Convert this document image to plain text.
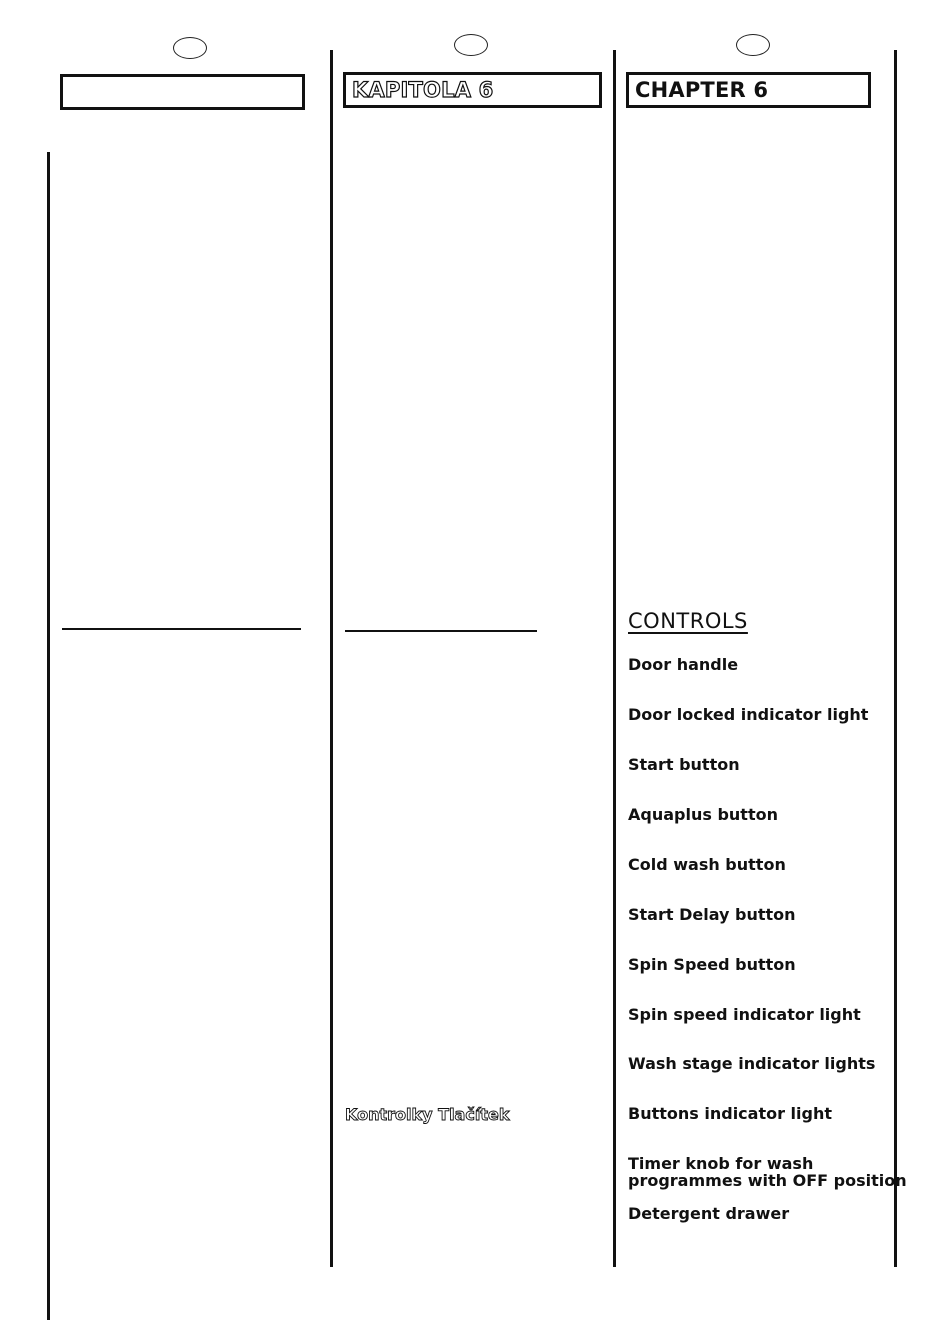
KAPITOLA 6	CHAPTER 6
CONTROLS
Door handle
Door locked indicator light
Start button
Aquaplus button
Cold wash button
Start Delay button
Spin Speed button
Spin speed indicator light
Wash stage indicator lights
Buttons indicator light
Timer knob for wash
programmes with OFF position
Detergent drawer
Kontrolky Tlačítek
